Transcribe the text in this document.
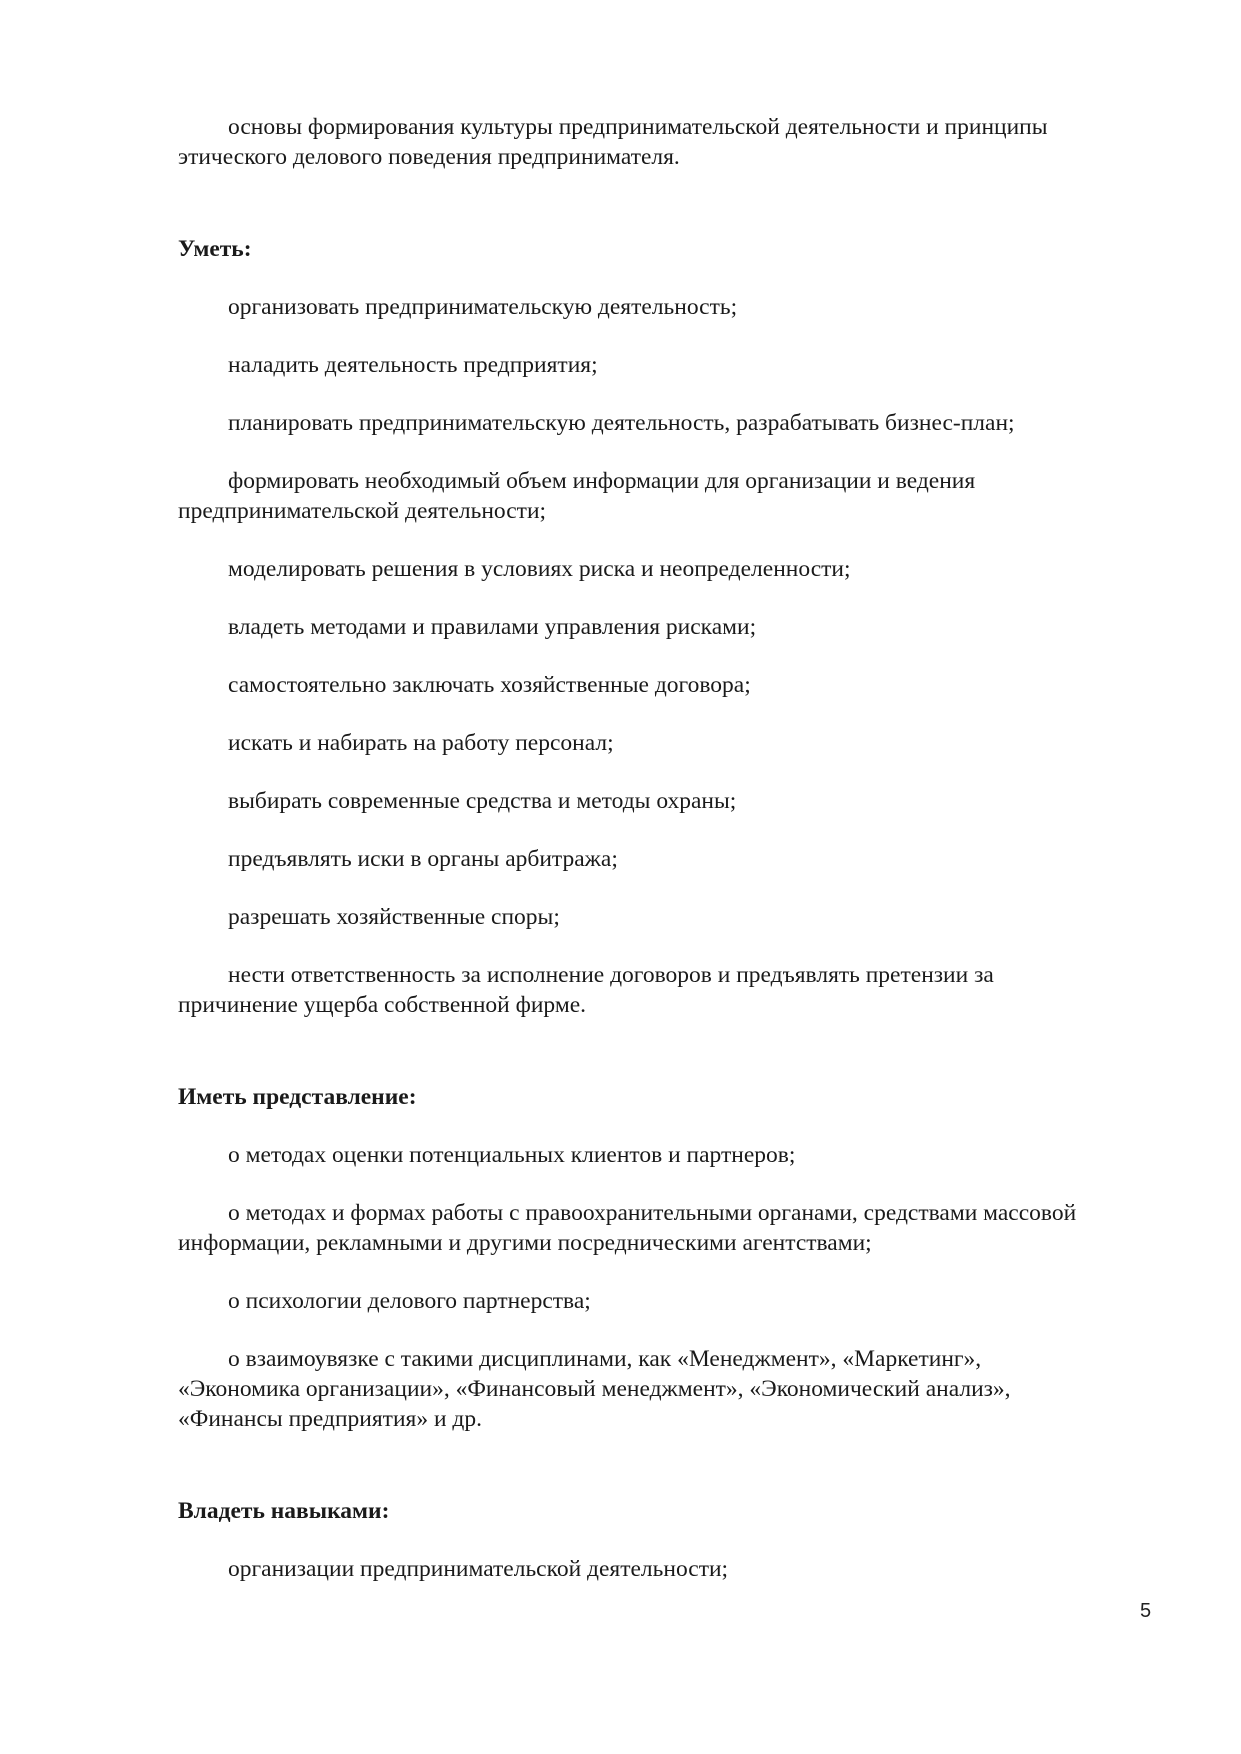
основы формирования культуры предпринимательской деятельности и принципы этического делового поведения предпринимателя.

Уметь:

организовать предпринимательскую деятельность;

наладить деятельность предприятия;

планировать предпринимательскую деятельность, разрабатывать бизнес-план;

формировать необходимый объем информации для организации и ведения предпринимательской деятельности;

моделировать решения в условиях риска и неопределенности;

владеть методами и правилами управления рисками;

самостоятельно заключать хозяйственные договора;

искать и набирать на работу персонал;

выбирать современные средства и методы охраны;

предъявлять иски в органы арбитража;

разрешать хозяйственные споры;

нести ответственность за исполнение договоров и предъявлять претензии за причинение ущерба собственной фирме.

Иметь представление:

о методах оценки потенциальных клиентов и партнеров;

о методах и формах работы с правоохранительными органами, средствами массовой информации, рекламными и другими посредническими агентствами;

о психологии делового партнерства;

о взаимоувязке с такими дисциплинами, как «Менеджмент», «Маркетинг», «Экономика организации», «Финансовый менеджмент», «Экономический анализ», «Финансы предприятия» и др.

Владеть навыками:

организации предпринимательской деятельности;

5
